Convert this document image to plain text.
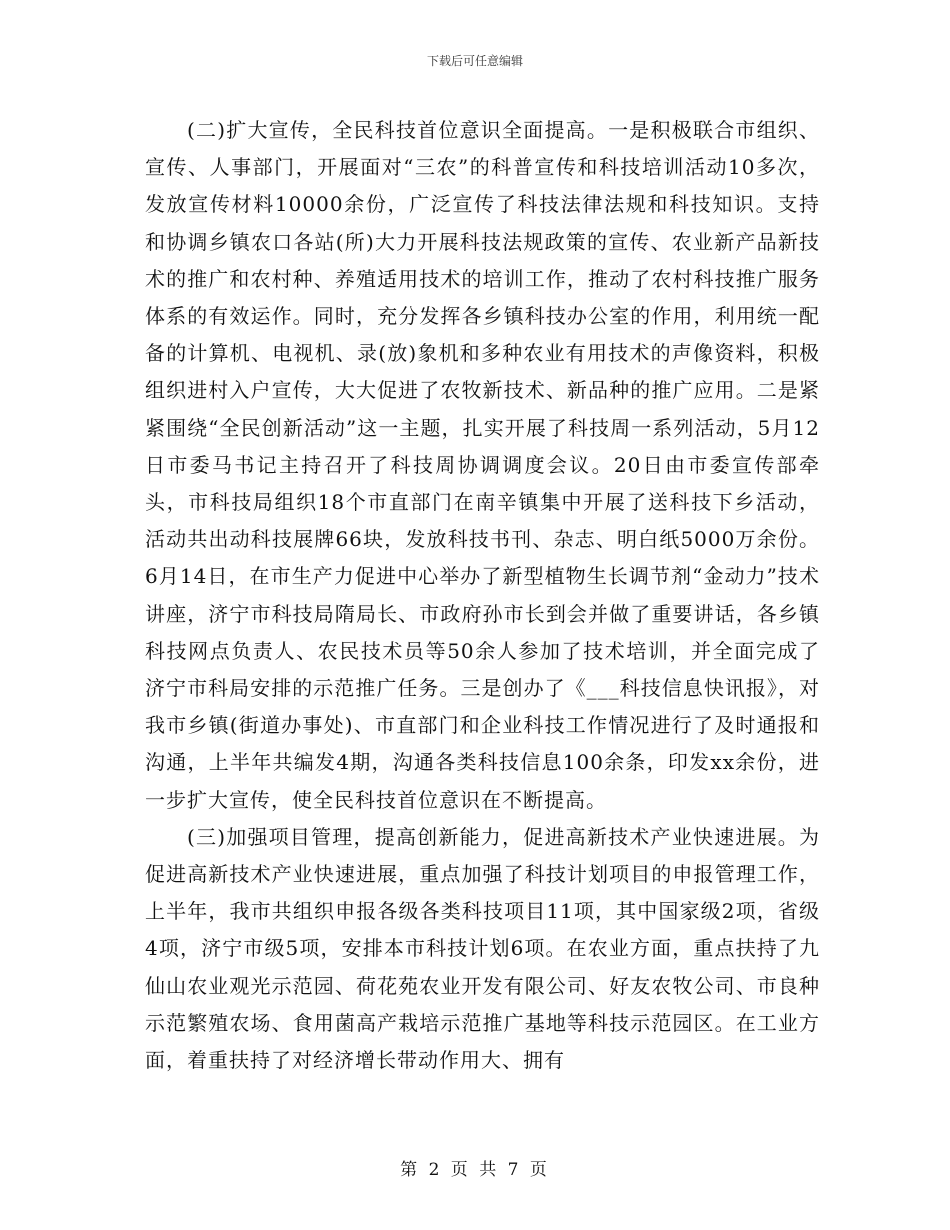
下载后可任意编辑

(二)扩大宣传，全民科技首位意识全面提高。一是积极联合市组织、宣传、人事部门，开展面对“三农”的科普宣传和科技培训活动10多次，发放宣传材料10000余份，广泛宣传了科技法律法规和科技知识。支持和协调乡镇农口各站(所)大力开展科技法规政策的宣传、农业新产品新技术的推广和农村种、养殖适用技术的培训工作，推动了农村科技推广服务体系的有效运作。同时，充分发挥各乡镇科技办公室的作用，利用统一配备的计算机、电视机、录(放)象机和多种农业有用技术的声像资料，积极组织进村入户宣传，大大促进了农牧新技术、新品种的推广应用。二是紧紧围绕“全民创新活动”这一主题，扎实开展了科技周一系列活动，5月12日市委马书记主持召开了科技周协调调度会议。20日由市委宣传部牵头，市科技局组织18个市直部门在南辛镇集中开展了送科技下乡活动，活动共出动科技展牌66块，发放科技书刊、杂志、明白纸5000万余份。6月14日，在市生产力促进中心举办了新型植物生长调节剂“金动力”技术讲座，济宁市科技局隋局长、市政府孙市长到会并做了重要讲话，各乡镇科技网点负责人、农民技术员等50余人参加了技术培训，并全面完成了济宁市科局安排的示范推广任务。三是创办了《___科技信息快讯报》，对我市乡镇(街道办事处)、市直部门和企业科技工作情况进行了及时通报和沟通，上半年共编发4期，沟通各类科技信息100余条，印发xx余份，进一步扩大宣传，使全民科技首位意识在不断提高。

(三)加强项目管理，提高创新能力，促进高新技术产业快速进展。为促进高新技术产业快速进展，重点加强了科技计划项目的申报管理工作，上半年，我市共组织申报各级各类科技项目11项，其中国家级2项，省级4项，济宁市级5项，安排本市科技计划6项。在农业方面，重点扶持了九仙山农业观光示范园、荷花苑农业开发有限公司、好友农牧公司、市良种示范繁殖农场、食用菌高产栽培示范推广基地等科技示范园区。在工业方面，着重扶持了对经济增长带动作用大、拥有

第 2 页 共 7 页
